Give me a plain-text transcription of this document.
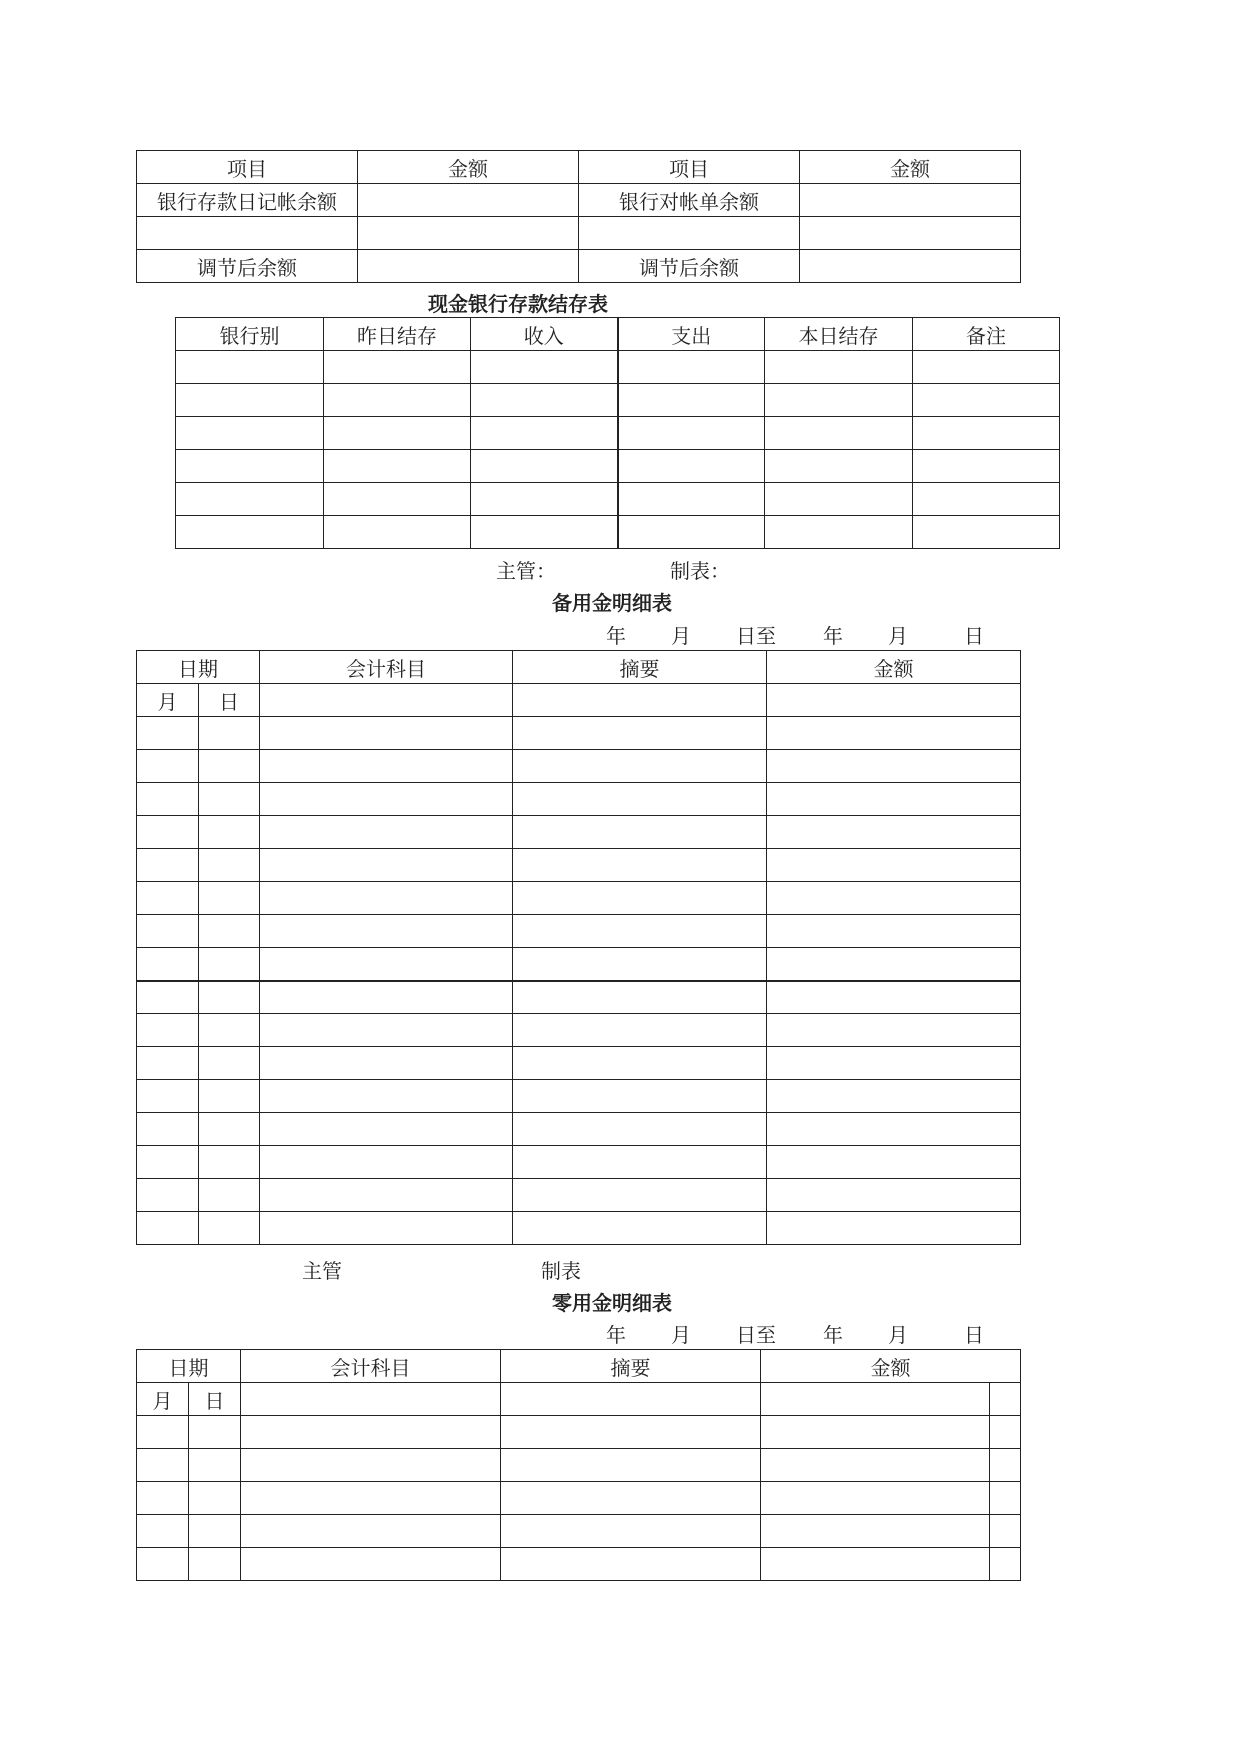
项目	金额	项目	金额
银行存款日记帐余额		银行对帐单余额	

调节后余额		调节后余额	
现金银行存款结存表
银行别	昨日结存	收入	支出	本日结存	备注

主管：	制表：
备用金明细表
年 月 日至 年 月	日
日期		会计科目	摘要	金额
月	日			

主管	制表
零用金明细表
年 月 日至 年 月	日
日期		会计科目	摘要	金额	
月	日				
